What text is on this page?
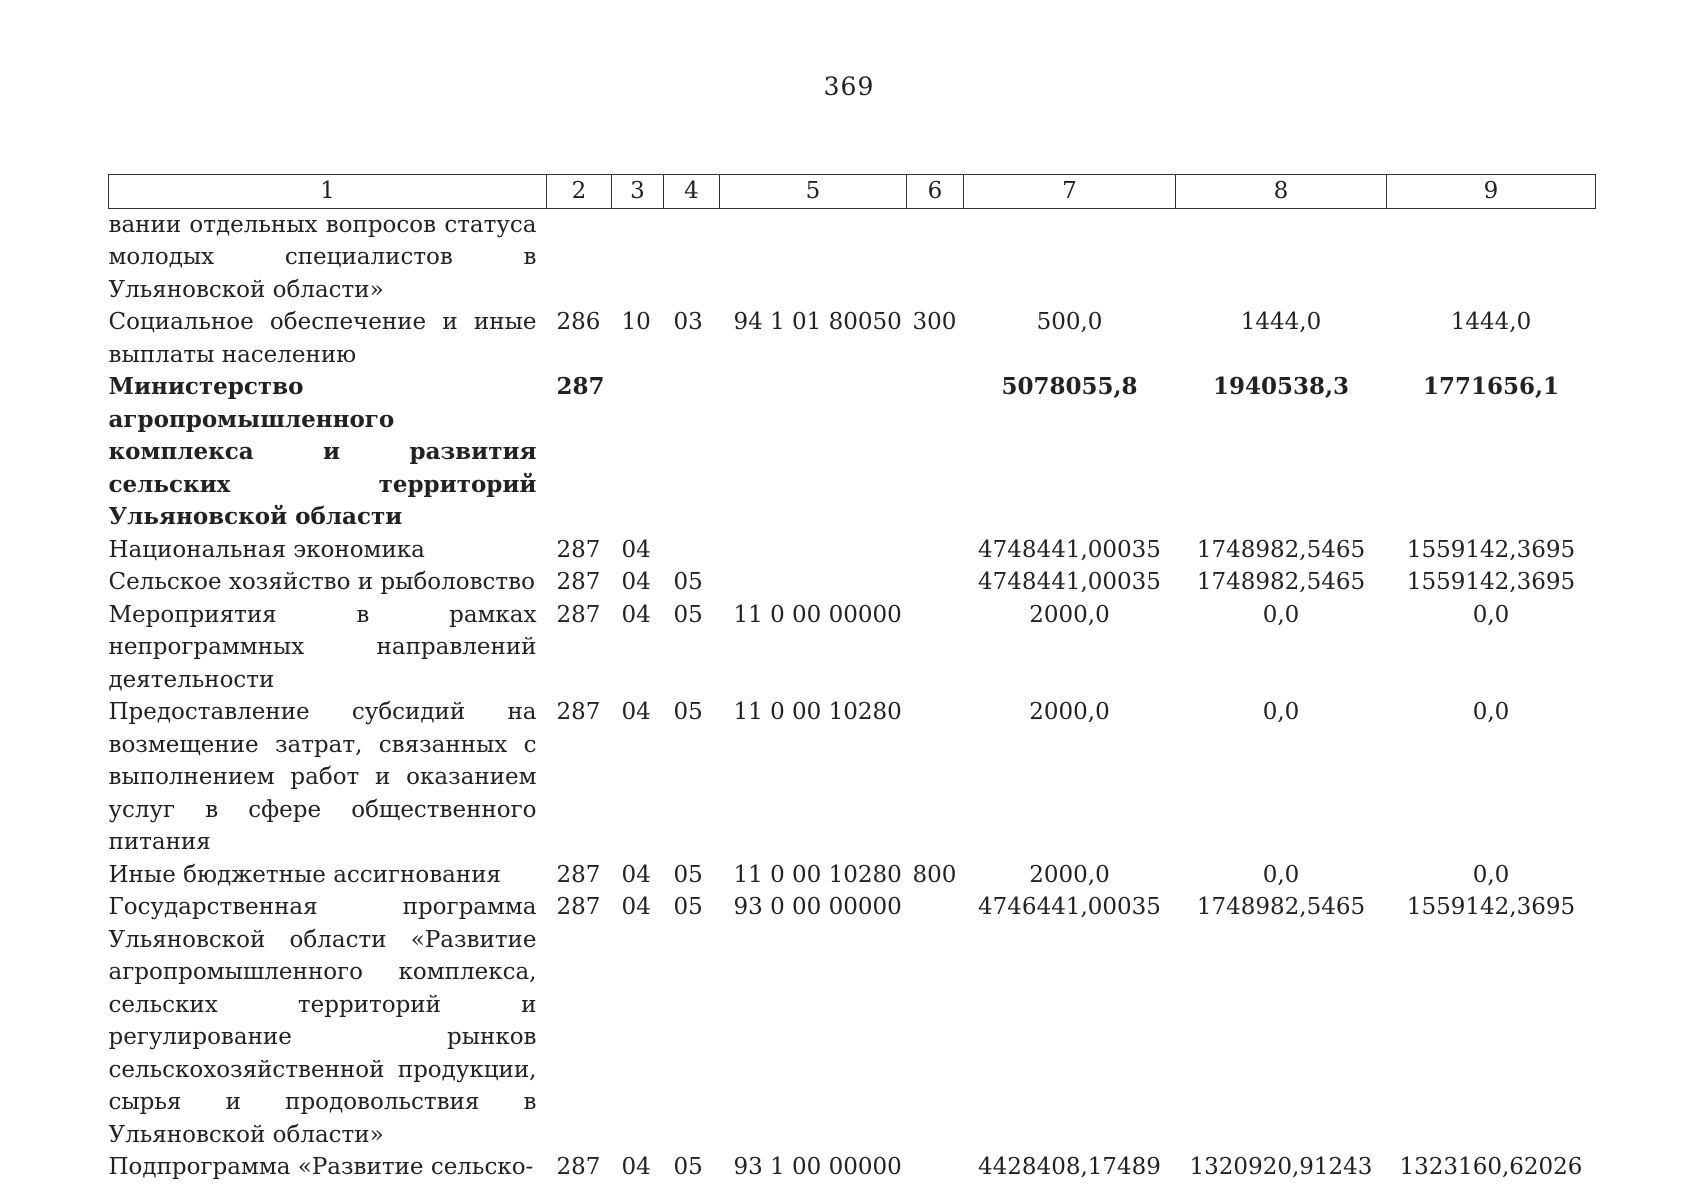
369
1	2	3	4	5	6	7	8	9
вании отдельных вопросов статуса молодых специалистов в Ульяновской области»								
Социальное обеспечение и иные выплаты населению	286	10	03	94 1 01 80050	300	500,0	1444,0	1444,0
Министерство агропромышленного комплекса и развития сельских территорий Ульяновской области	287					5078055,8	1940538,3	1771656,1
Национальная экономика	287	04				4748441,00035	1748982,5465	1559142,3695
Сельское хозяйство и рыболовство	287	04	05			4748441,00035	1748982,5465	1559142,3695
Мероприятия в рамках непрограммных направлений деятельности	287	04	05	11 0 00 00000		2000,0	0,0	0,0
Предоставление субсидий на возмещение затрат, связанных с выполнением работ и оказанием услуг в сфере общественного питания	287	04	05	11 0 00 10280		2000,0	0,0	0,0
Иные бюджетные ассигнования	287	04	05	11 0 00 10280	800	2000,0	0,0	0,0
Государственная программа Ульяновской области «Развитие агропромышленного комплекса, сельских территорий и регулирование рынков сельскохозяйственной продукции, сырья и продовольствия в Ульяновской области»	287	04	05	93 0 00 00000		4746441,00035	1748982,5465	1559142,3695
Подпрограмма «Развитие сельско-	287	04	05	93 1 00 00000		4428408,17489	1320920,91243	1323160,62026
